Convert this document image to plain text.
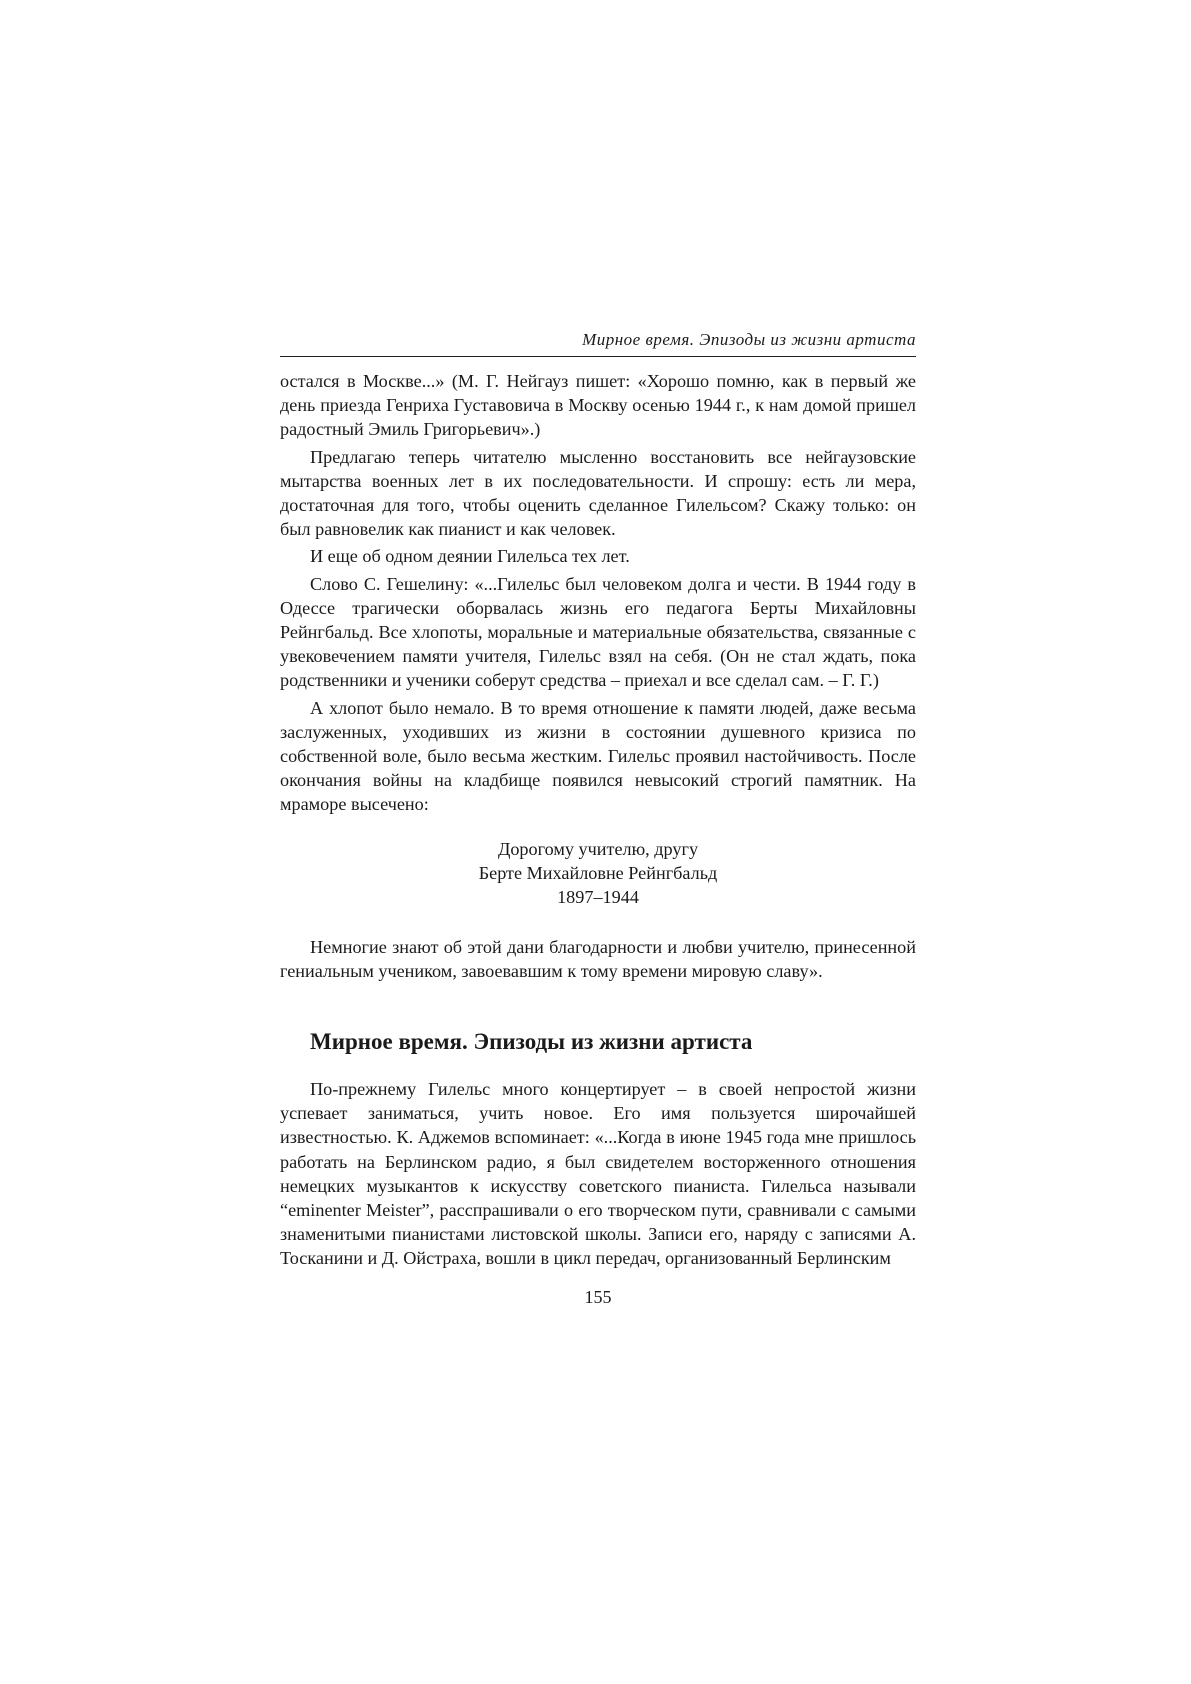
Мирное время. Эпизоды из жизни артиста

остался в Москве...» (М. Г. Нейгауз пишет: «Хорошо помню, как в первый же день приезда Генриха Густавовича в Москву осенью 1944 г., к нам домой пришел радостный Эмиль Григорьевич».)

Предлагаю теперь читателю мысленно восстановить все нейгаузовские мытарства военных лет в их последовательности. И спрошу: есть ли мера, достаточная для того, чтобы оценить сделанное Гилельсом? Скажу только: он был равновелик как пианист и как человек.

И еще об одном деянии Гилельса тех лет.

Слово С. Гешелину: «...Гилельс был человеком долга и чести. В 1944 году в Одессе трагически оборвалась жизнь его педагога Берты Михайловны Рейнгбальд. Все хлопоты, моральные и материальные обязательства, связанные с увековечением памяти учителя, Гилельс взял на себя. (Он не стал ждать, пока родственники и ученики соберут средства – приехал и все сделал сам. – Г. Г.)

А хлопот было немало. В то время отношение к памяти людей, даже весьма заслуженных, уходивших из жизни в состоянии душевного кризиса по собственной воле, было весьма жестким. Гилельс проявил настойчивость. После окончания войны на кладбище появился невысокий строгий памятник. На мраморе высечено:

Дорогому учителю, другу
Берте Михайловне Рейнгбальд
1897–1944

Немногие знают об этой дани благодарности и любви учителю, принесенной гениальным учеником, завоевавшим к тому времени мировую славу».

Мирное время. Эпизоды из жизни артиста

По-прежнему Гилельс много концертирует – в своей непростой жизни успевает заниматься, учить новое. Его имя пользуется широчайшей известностью. К. Аджемов вспоминает: «...Когда в июне 1945 года мне пришлось работать на Берлинском радио, я был свидетелем восторженного отношения немецких музыкантов к искусству советского пианиста. Гилельса называли “eminenter Meister”, расспрашивали о его творческом пути, сравнивали с самыми знаменитыми пианистами листовской школы. Записи его, наряду с записями А. Тосканини и Д. Ойстраха, вошли в цикл передач, организованный Берлинским

155
